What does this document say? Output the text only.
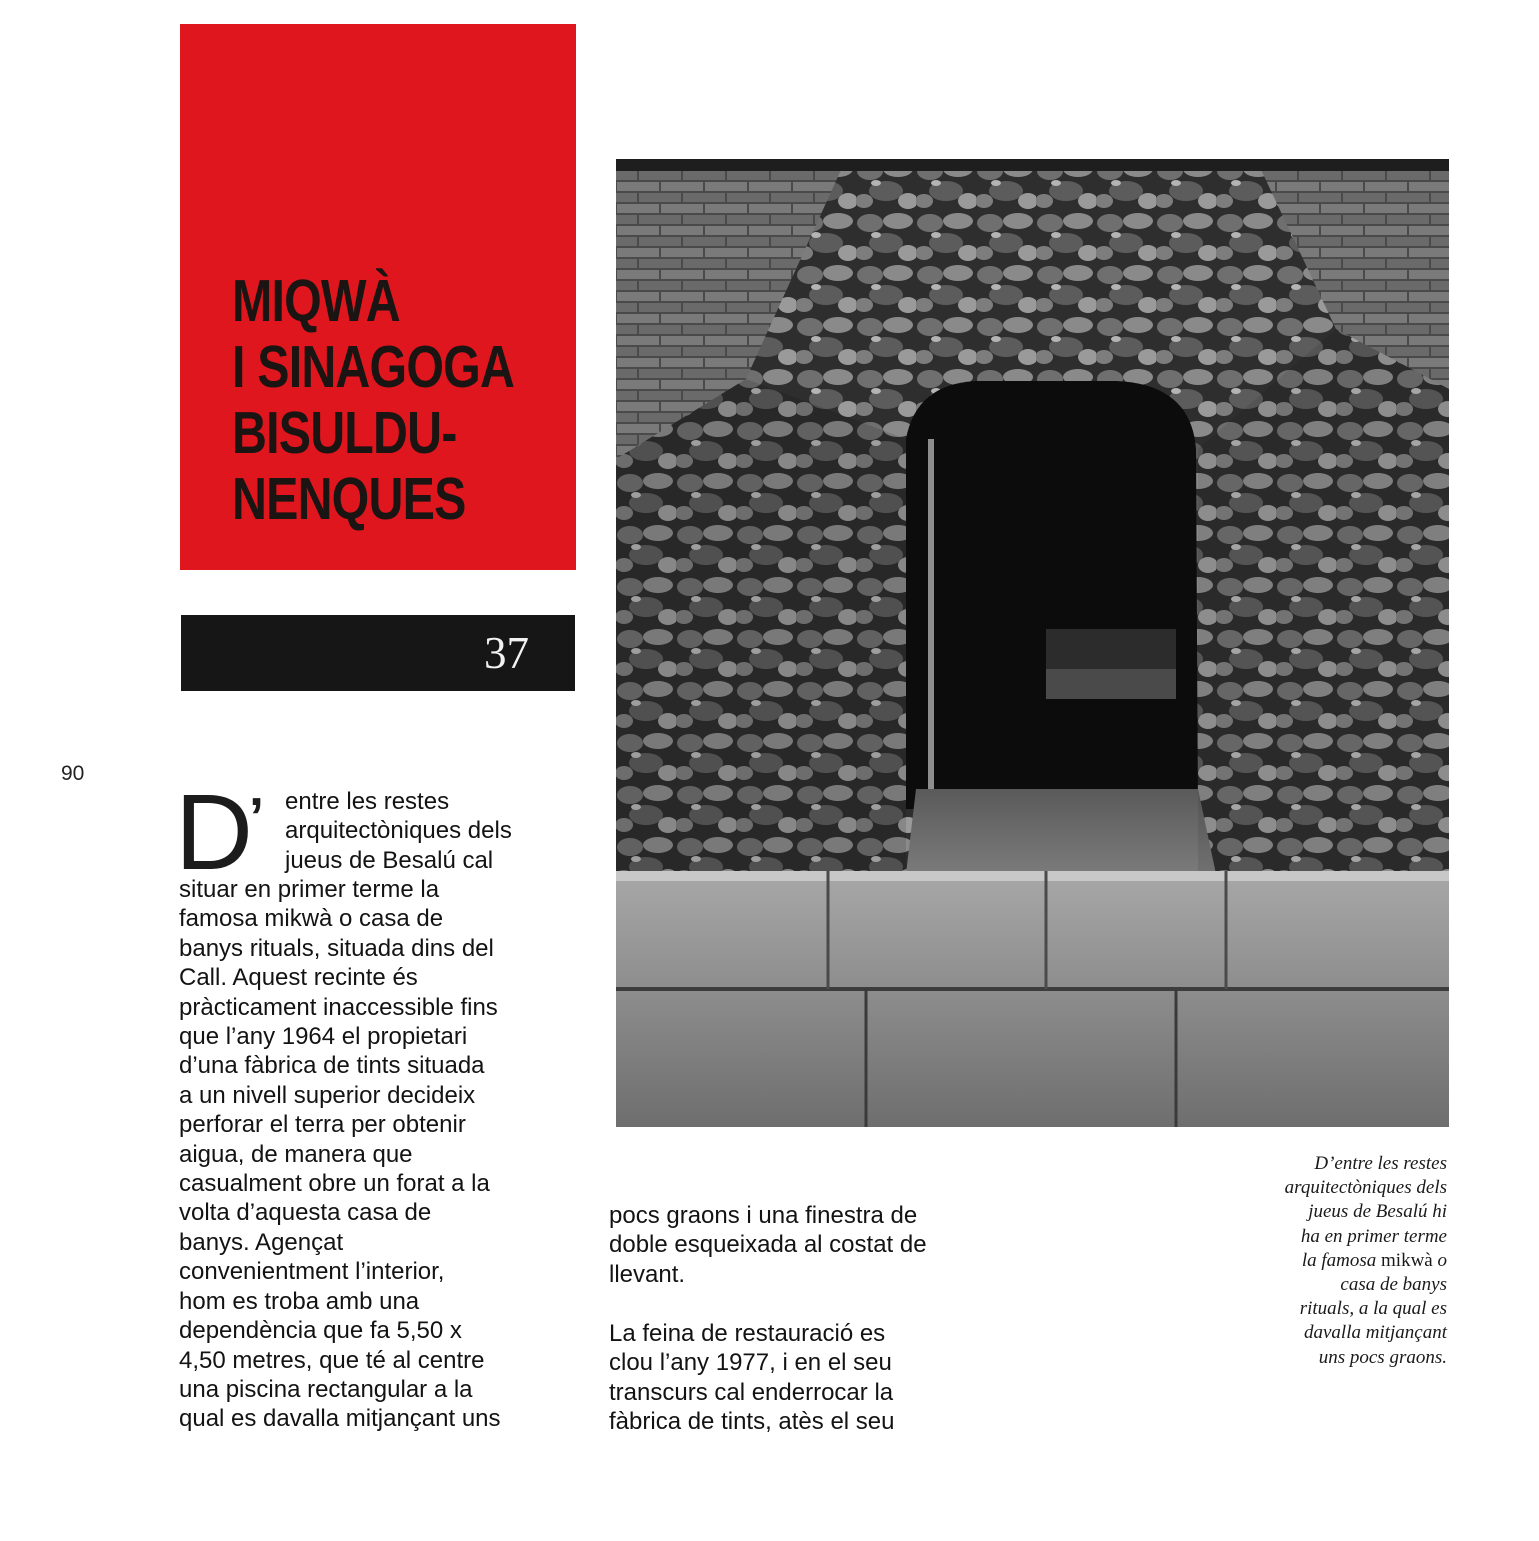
MIQWÀ
I SINAGOGA
BISULDU-
NENQUES
37
90 D
’ entre les restes
arquitectòniques dels
jueus de Besalú cal
situar en primer terme la
famosa mikwà o casa de
banys rituals, situada dins del
Call. Aquest recinte és
pràcticament inaccessible fins
que l’any 1964 el propietari
d’una fàbrica de tints situada
a un nivell superior decideix
perforar el terra per obtenir
aigua, de manera que
casualment obre un forat a la
volta d’aquesta casa de
banys. Agençat
convenientment l’interior,
hom es troba amb una
dependència que fa 5,50 x
4,50 metres, que té al centre
una piscina rectangular a la
qual es davalla mitjançant uns
pocs graons i una finestra de
doble esqueixada al costat de
llevant.
La feina de restauració es
clou l’any 1977, i en el seu
transcurs cal enderrocar la
fàbrica de tints, atès el seu
D’entre les restes
arquitectòniques dels
jueus de Besalú hi
ha en primer terme
la famosa mikwà o
casa de banys
rituals, a la qual es
davalla mitjançant
uns pocs graons.
